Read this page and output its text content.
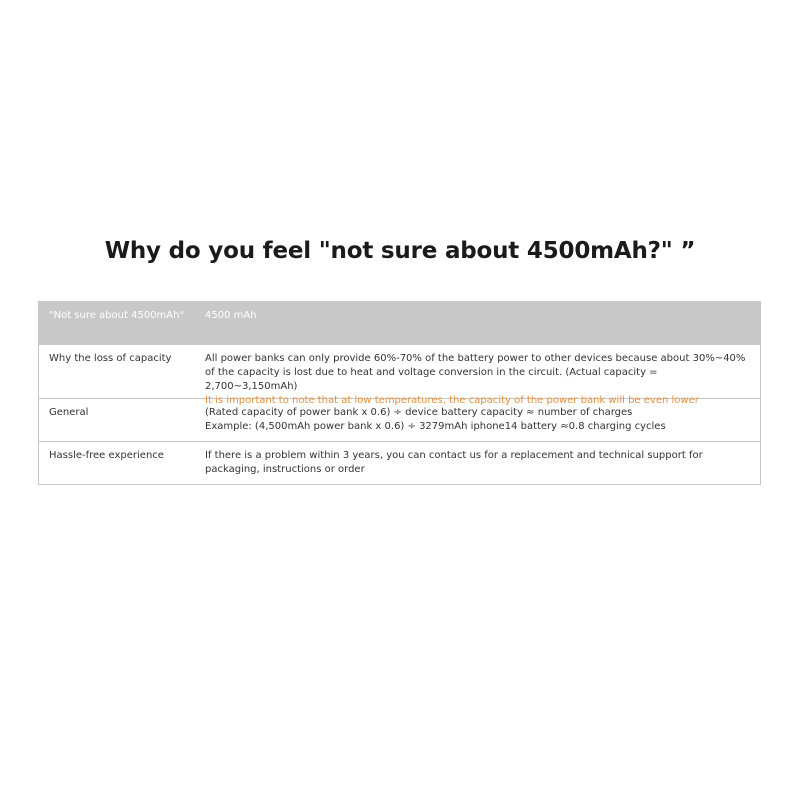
Why do you feel "not sure about 4500mAh?" ”
"Not sure about 4500mAh"	4500 mAh
Why the loss of capacity	All power banks can only provide 60%-70% of the battery power to other devices because about 30%~40% of the capacity is lost due to heat and voltage conversion in the circuit. (Actual capacity = 2,700~3,150mAh)
It is important to note that at low temperatures, the capacity of the power bank will be even lower
General	(Rated capacity of power bank x 0.6) ÷ device battery capacity ≈ number of charges
Example: (4,500mAh power bank x 0.6) ÷ 3279mAh iphone14 battery ≈0.8 charging cycles
Hassle-free experience	If there is a problem within 3 years, you can contact us for a replacement and technical support for packaging, instructions or order
